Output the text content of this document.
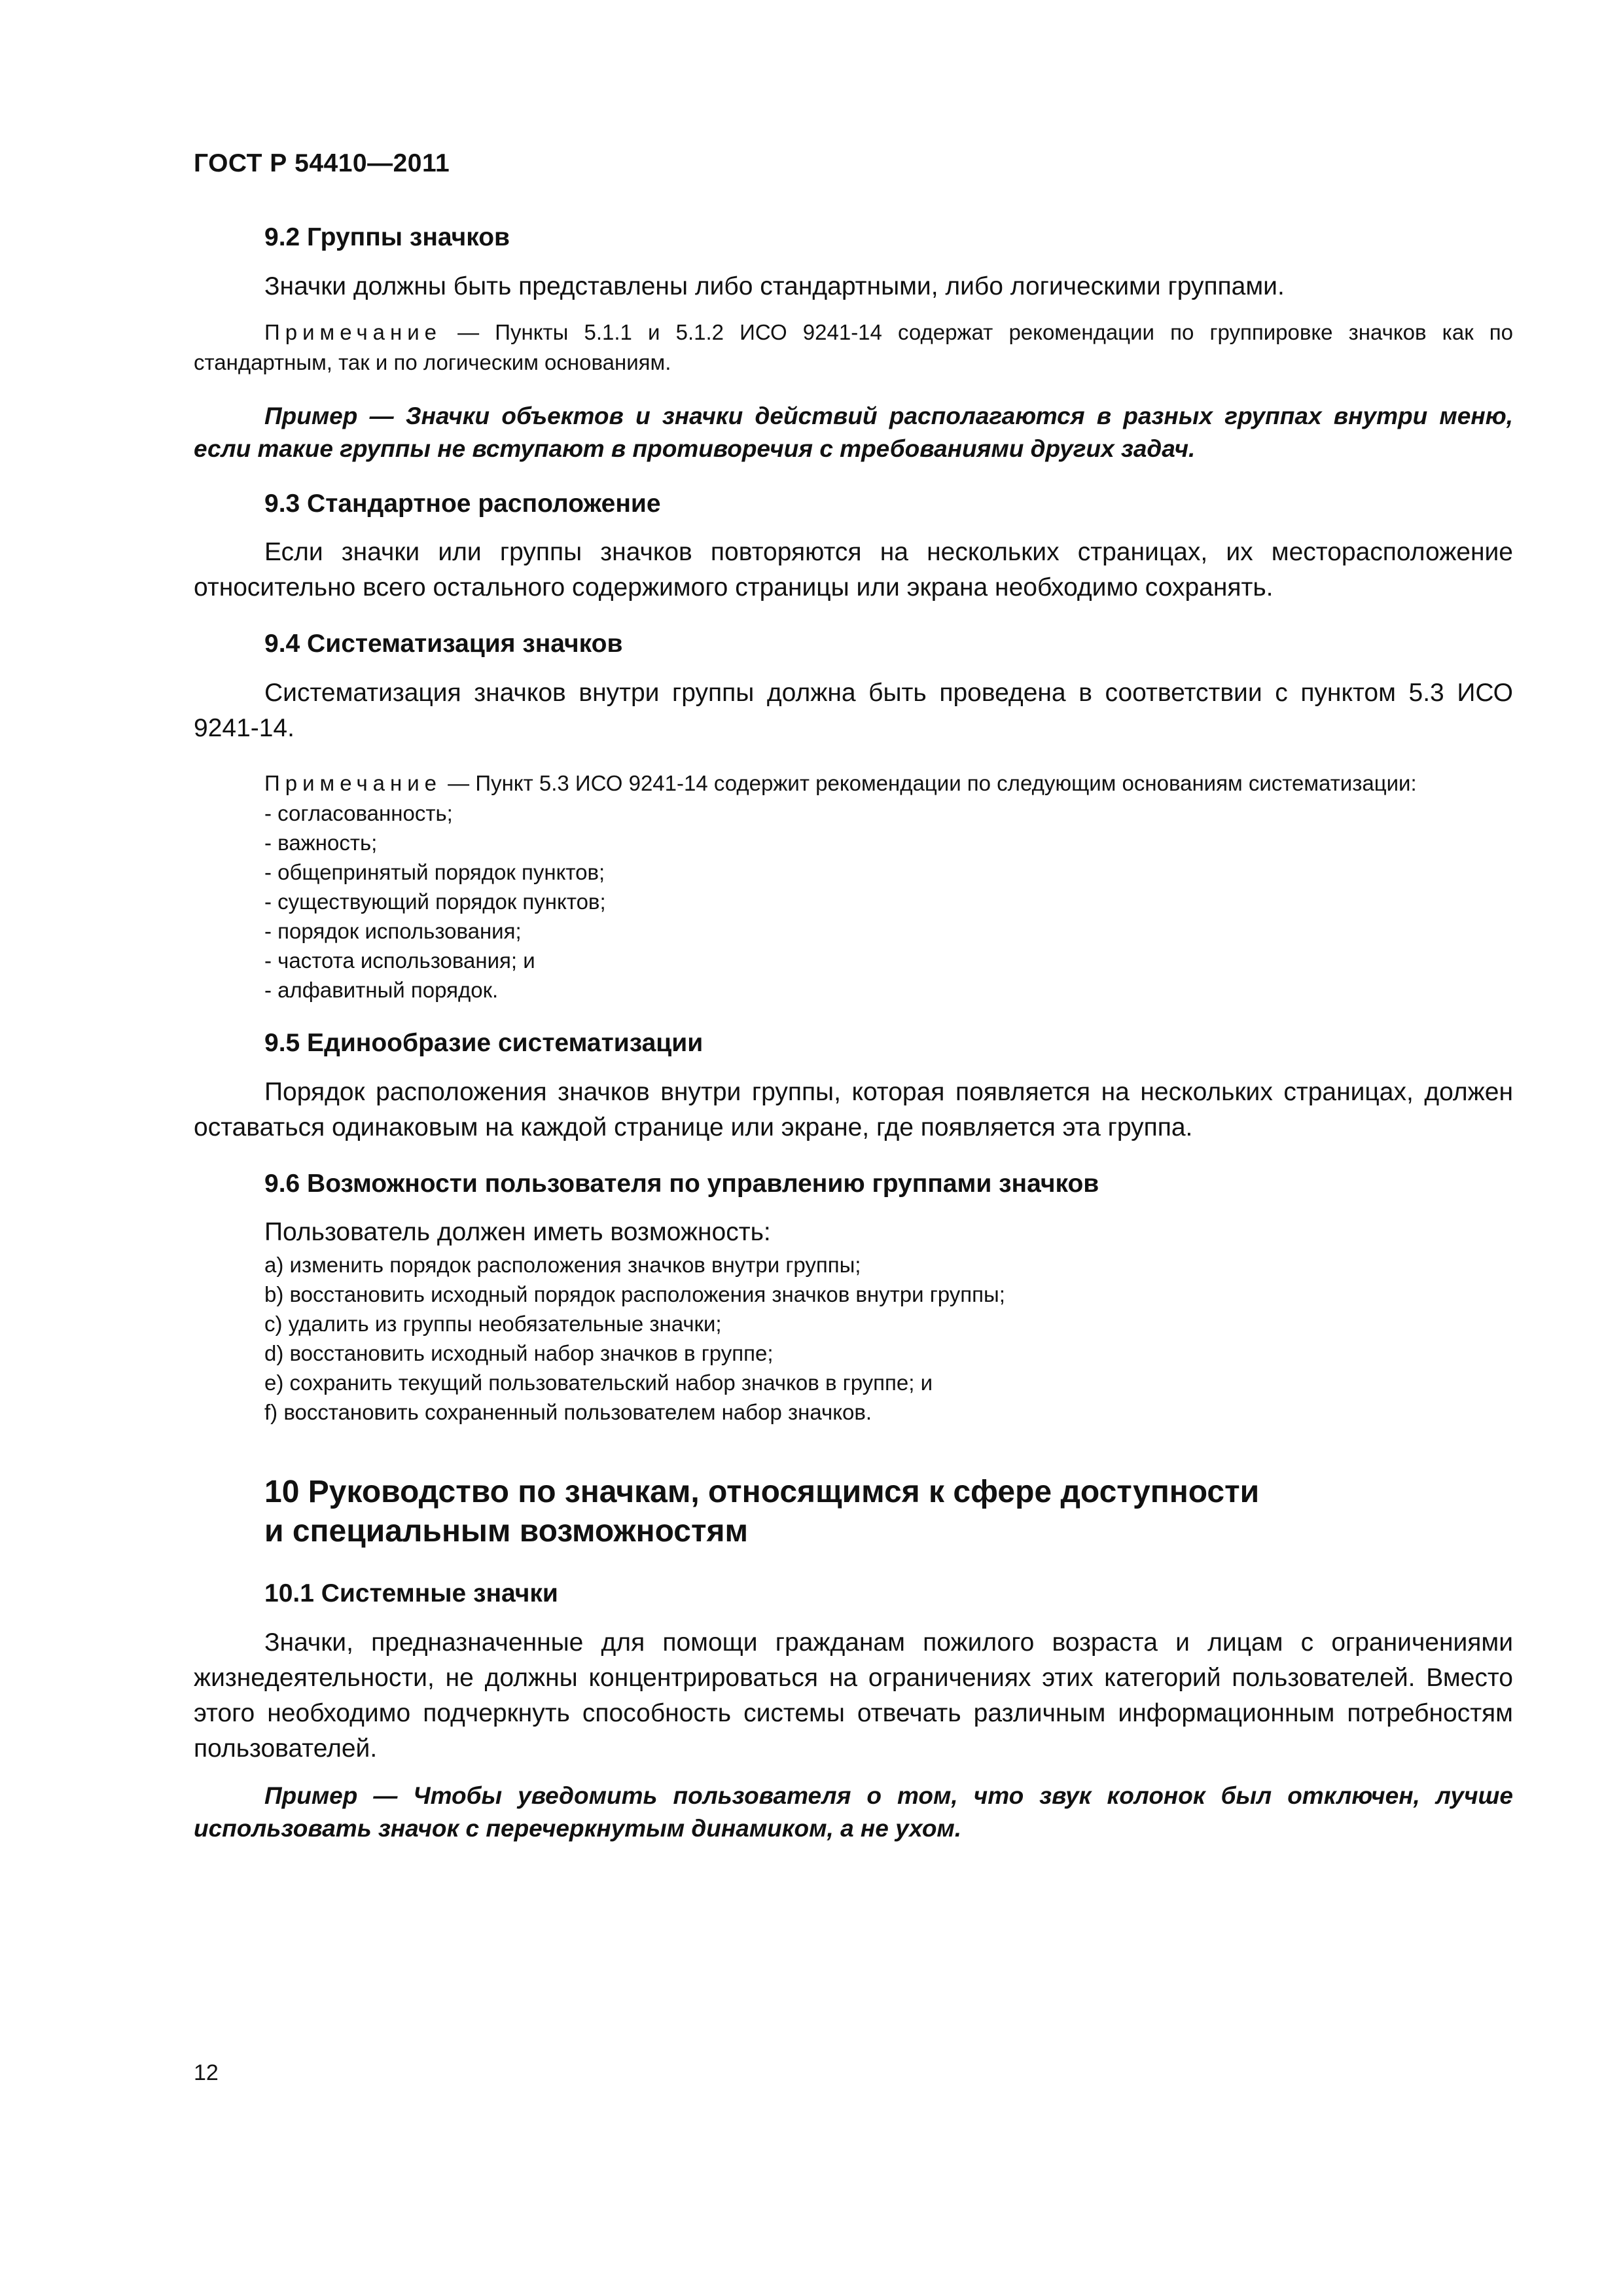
ГОСТ Р 54410—2011
9.2 Группы значков

Значки должны быть представлены либо стандартными, либо логическими группами.

Примечание — Пункты 5.1.1 и 5.1.2 ИСО 9241-14 содержат рекомендации по группировке значков как по стандартным, так и по логическим основаниям.

Пример — Значки объектов и значки действий располагаются в разных группах внутри меню, если такие группы не вступают в противоречия с требованиями других задач.

9.3 Стандартное расположение

Если значки или группы значков повторяются на нескольких страницах, их месторасположение относительно всего остального содержимого страницы или экрана необходимо сохранять.

9.4 Систематизация значков

Систематизация значков внутри группы должна быть проведена в соответствии с пунктом 5.3 ИСО 9241-14.

Примечание — Пункт 5.3 ИСО 9241-14 содержит рекомендации по следующим основаниям систематизации:

- согласованность;
- важность;
- общепринятый порядок пунктов;
- существующий порядок пунктов;
- порядок использования;
- частота использования; и
- алфавитный порядок.
9.5 Единообразие систематизации

Порядок расположения значков внутри группы, которая появляется на нескольких страницах, должен оставаться одинаковым на каждой странице или экране, где появляется эта группа.

9.6 Возможности пользователя по управлению группами значков

Пользователь должен иметь возможность:

a) изменить порядок расположения значков внутри группы;
b) восстановить исходный порядок расположения значков внутри группы;
c) удалить из группы необязательные значки;
d) восстановить исходный набор значков в группе;
e) сохранить текущий пользовательский набор значков в группе; и
f) восстановить сохраненный пользователем набор значков.
10 Руководство по значкам, относящимся к сфере доступности
и специальным возможностям
10.1 Системные значки

Значки, предназначенные для помощи гражданам пожилого возраста и лицам с ограничениями жизнедеятельности, не должны концентрироваться на ограничениях этих категорий пользователей. Вместо этого необходимо подчеркнуть способность системы отвечать различным информационным потребностям пользователей.

Пример — Чтобы уведомить пользователя о том, что звук колонок был отключен, лучше использовать значок с перечеркнутым динамиком, а не ухом.

12
